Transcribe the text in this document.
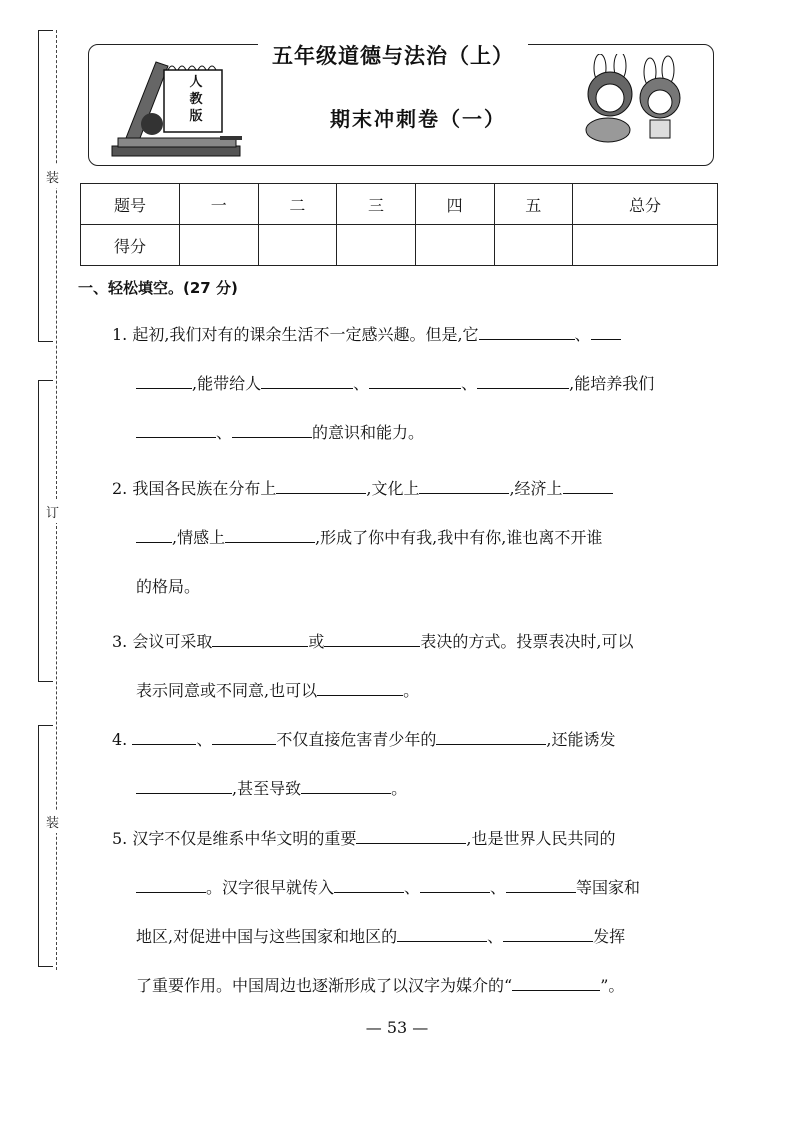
装
订
装
五年级道德与法治（上）
期末冲刺卷（一）
人
教
版
题号	一	二	三	四	五	总分
得分						
一、轻松填空。(27 分)
1. 起初,我们对有的课余生活不一定感兴趣。但是,它	、
,能带给人	、	、	,能培养我们
、	的意识和能力。
2. 我国各民族在分布上	,文化上	,经济上
,情感上	,形成了你中有我,我中有你,谁也离不开谁
的格局。
3. 会议可采取	或	表决的方式。投票表决时,可以
表示同意或不同意,也可以	。
4.	、	不仅直接危害青少年的	,还能诱发
,甚至导致	。
5. 汉字不仅是维系中华文明的重要	,也是世界人民共同的
。汉字很早就传入	、	、	等国家和
地区,对促进中国与这些国家和地区的	、	发挥
了重要作用。中国周边也逐渐形成了以汉字为媒介的“	”。
— 53 —
